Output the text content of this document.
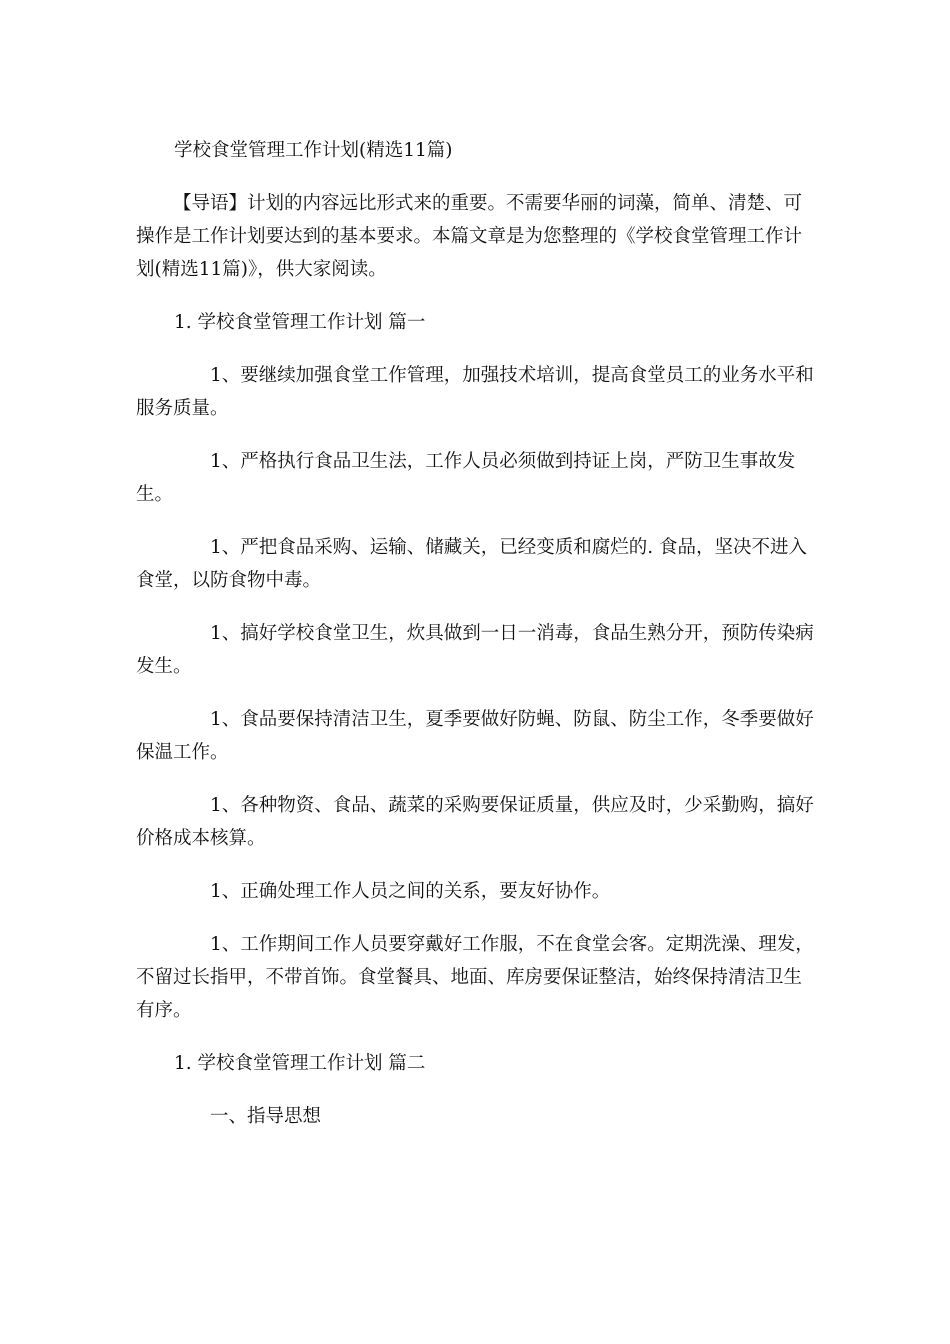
学校食堂管理工作计划(精选11篇)

【导语】计划的内容远比形式来的重要。不需要华丽的词藻，简单、清楚、可操作是工作计划要达到的基本要求。本篇文章是为您整理的《学校食堂管理工作计划(精选11篇)》，供大家阅读。

1. 学校食堂管理工作计划 篇一

1、要继续加强食堂工作管理，加强技术培训，提高食堂员工的业务水平和服务质量。

1、严格执行食品卫生法，工作人员必须做到持证上岗，严防卫生事故发生。

1、严把食品采购、运输、储藏关，已经变质和腐烂的. 食品，坚决不进入食堂，以防食物中毒。

1、搞好学校食堂卫生，炊具做到一日一消毒，食品生熟分开，预防传染病发生。

1、食品要保持清洁卫生，夏季要做好防蝇、防鼠、防尘工作，冬季要做好保温工作。

1、各种物资、食品、蔬菜的采购要保证质量，供应及时，少采勤购，搞好价格成本核算。

1、正确处理工作人员之间的关系，要友好协作。

1、工作期间工作人员要穿戴好工作服，不在食堂会客。定期洗澡、理发，不留过长指甲，不带首饰。食堂餐具、地面、库房要保证整洁，始终保持清洁卫生有序。

1. 学校食堂管理工作计划 篇二

一、指导思想
